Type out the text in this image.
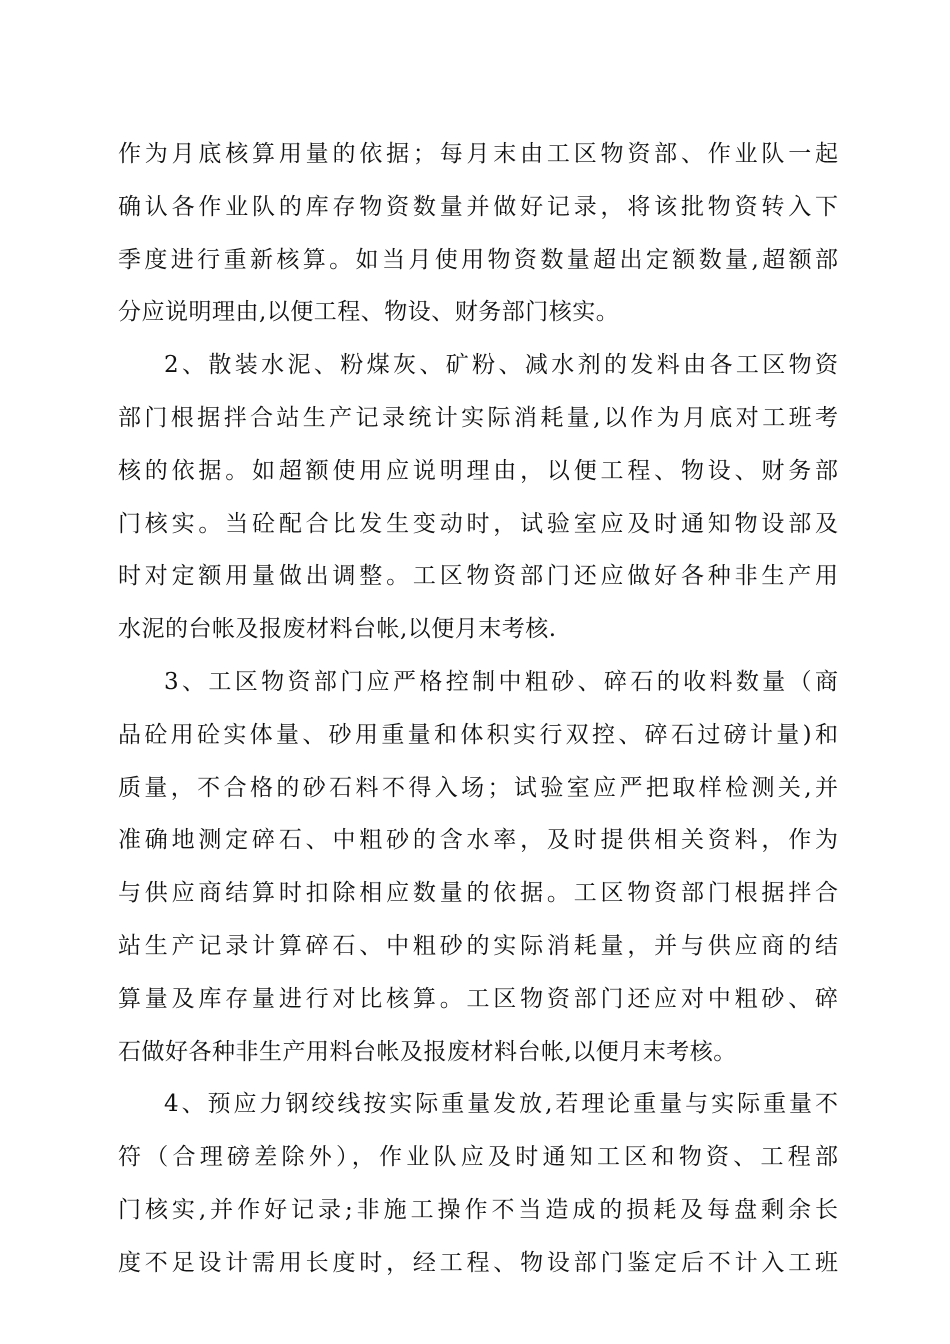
作为月底核算用量的依据；每月末由工区物资部、作业队一起
确认各作业队的库存物资数量并做好记录，将该批物资转入下
季度进行重新核算。如当月使用物资数量超出定额数量,超额部
分应说明理由,以便工程、物设、财务部门核实。
2、散装水泥、粉煤灰、矿粉、减水剂的发料由各工区物资
部门根据拌合站生产记录统计实际消耗量,以作为月底对工班考
核的依据。如超额使用应说明理由，以便工程、物设、财务部
门核实。当砼配合比发生变动时，试验室应及时通知物设部及
时对定额用量做出调整。工区物资部门还应做好各种非生产用
水泥的台帐及报废材料台帐,以便月末考核.
3、工区物资部门应严格控制中粗砂、碎石的收料数量（商
品砼用砼实体量、砂用重量和体积实行双控、碎石过磅计量)和
质量，不合格的砂石料不得入场；试验室应严把取样检测关,并
准确地测定碎石、中粗砂的含水率，及时提供相关资料，作为
与供应商结算时扣除相应数量的依据。工区物资部门根据拌合
站生产记录计算碎石、中粗砂的实际消耗量，并与供应商的结
算量及库存量进行对比核算。工区物资部门还应对中粗砂、碎
石做好各种非生产用料台帐及报废材料台帐,以便月末考核。
4、预应力钢绞线按实际重量发放,若理论重量与实际重量不
符（合理磅差除外），作业队应及时通知工区和物资、工程部
门核实,并作好记录;非施工操作不当造成的损耗及每盘剩余长
度不足设计需用长度时，经工程、物设部门鉴定后不计入工班
